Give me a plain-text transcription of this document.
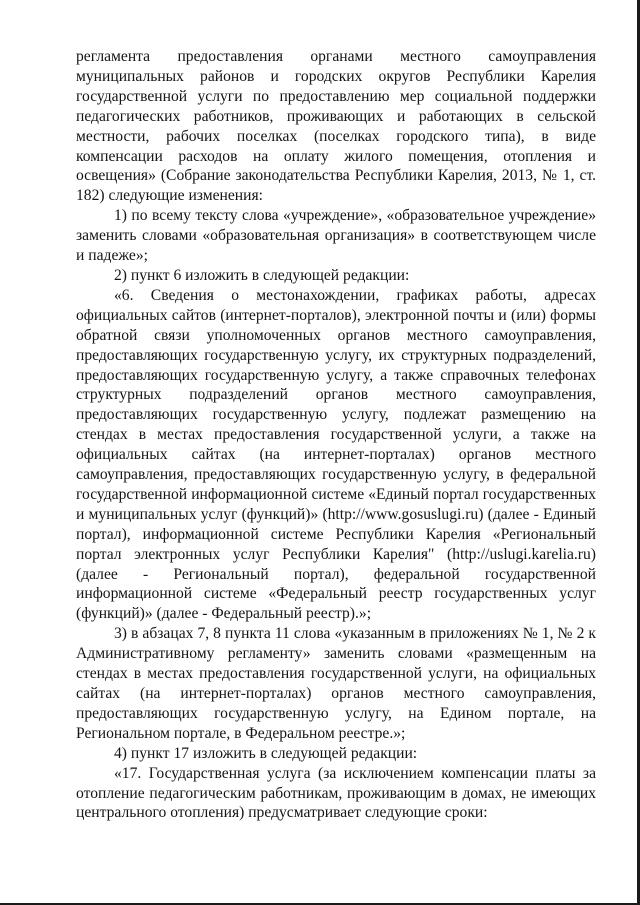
регламента предоставления органами местного самоуправления муниципальных районов и городских округов Республики Карелия государственной услуги по предоставлению мер социальной поддержки педагогических работников, проживающих и работающих в сельской местности, рабочих поселках (поселках городского типа), в виде компенсации расходов на оплату жилого помещения, отопления и освещения» (Собрание законодательства Республики Карелия, 2013, № 1, ст. 182) следующие изменения:

1) по всему тексту слова «учреждение», «образовательное учреждение» заменить словами «образовательная организация» в соответствующем числе и падеже»;

2) пункт 6 изложить в следующей редакции:

«6. Сведения о местонахождении, графиках работы, адресах официальных сайтов (интернет-порталов), электронной почты и (или) формы обратной связи уполномоченных органов местного самоуправления, предоставляющих государственную услугу, их структурных подразделений, предоставляющих государственную услугу, а также справочных телефонах структурных подразделений органов местного самоуправления, предоставляющих государственную услугу, подлежат размещению на стендах в местах предоставления государственной услуги, а также на официальных сайтах (на интернет-порталах) органов местного самоуправления, предоставляющих государственную услугу, в федеральной государственной информационной системе «Единый портал государственных и муниципальных услуг (функций)» (http://www.gosuslugi.ru) (далее - Единый портал), информационной системе Республики Карелия «Региональный портал электронных услуг Республики Карелия" (http://uslugi.karelia.ru) (далее - Региональный портал), федеральной государственной информационной системе «Федеральный реестр государственных услуг (функций)» (далее - Федеральный реестр).»;

3) в абзацах 7, 8 пункта 11 слова «указанным в приложениях № 1, № 2 к Административному регламенту» заменить словами «размещенным на стендах в местах предоставления государственной услуги, на официальных сайтах (на интернет-порталах) органов местного самоуправления, предоставляющих государственную услугу, на Едином портале, на Региональном портале, в Федеральном реестре.»;

4) пункт 17 изложить в следующей редакции:

«17. Государственная услуга (за исключением компенсации платы за отопление педагогическим работникам, проживающим в домах, не имеющих центрального отопления) предусматривает следующие сроки:
